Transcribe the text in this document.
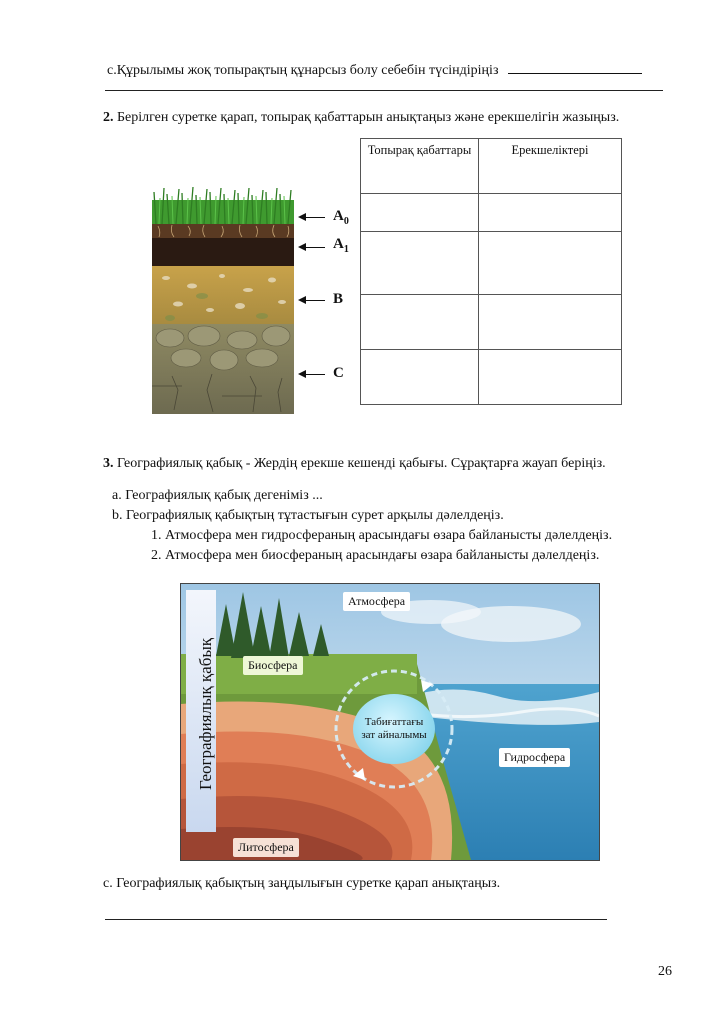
c.Құрылымы жоқ топырақтың құнарсыз болу себебін түсіндіріңіз
2. Берілген суретке қарап, топырақ қабаттарын анықтаңыз және ерекшелігін жазыңыз.
$A_0$
$A_1$
B
C
Топырақ қабаттары	Ерекшеліктері

3. Географиялық қабық - Жердің ерекше кешенді қабығы. Сұрақтарға жауап беріңіз.
a. Географиялық қабық дегеніміз ...
b. Географиялық қабықтың тұтастығын сурет арқылы дәлелдеңіз.
1. Атмосфера мен гидросфераның арасындағы өзара байланысты дәлелдеңіз.
2. Атмосфера мен биосфераның арасындағы өзара байланысты дәлелдеңіз.
Географиялық қабық
Атмосфера
Биосфера
Гидросфера
Литосфера
Табиғаттағы зат айналымы
c. Географиялық қабықтың заңдылығын суретке қарап анықтаңыз.
26
